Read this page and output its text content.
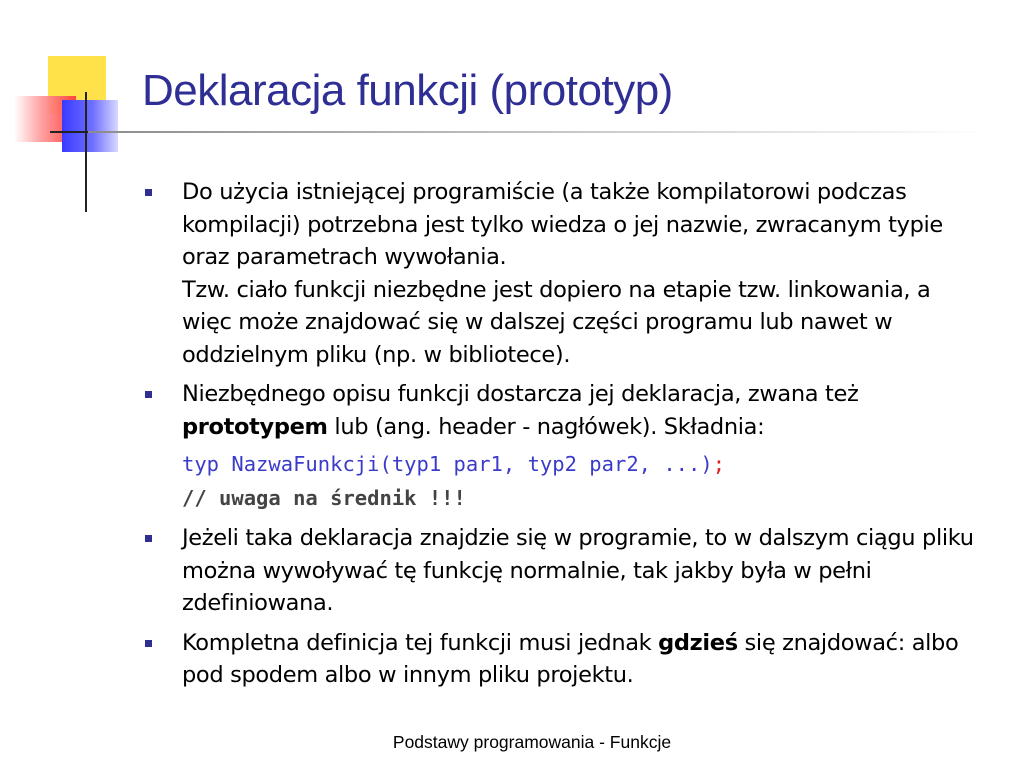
Deklaracja funkcji (prototyp)
Do użycia istniejącej programiście (a także kompilatorowi podczas kompilacji) potrzebna jest tylko wiedza o jej nazwie, zwracanym typie oraz parametrach wywołania.
Tzw. ciało funkcji niezbędne jest dopiero na etapie tzw. linkowania, a więc może znajdować się w dalszej części programu lub nawet w oddzielnym pliku (np. w bibliotece).
Niezbędnego opisu funkcji dostarcza jej deklaracja, zwana też prototypem lub (ang. header - nagłówek). Składnia:
typ NazwaFunkcji(typ1 par1, typ2 par2, ...);
// uwaga na średnik !!!
Jeżeli taka deklaracja znajdzie się w programie, to w dalszym ciągu pliku można wywoływać tę funkcję normalnie, tak jakby była w pełni zdefiniowana.
Kompletna definicja tej funkcji musi jednak gdzieś się znajdować: albo pod spodem albo w innym pliku projektu.
Podstawy programowania - Funkcje
